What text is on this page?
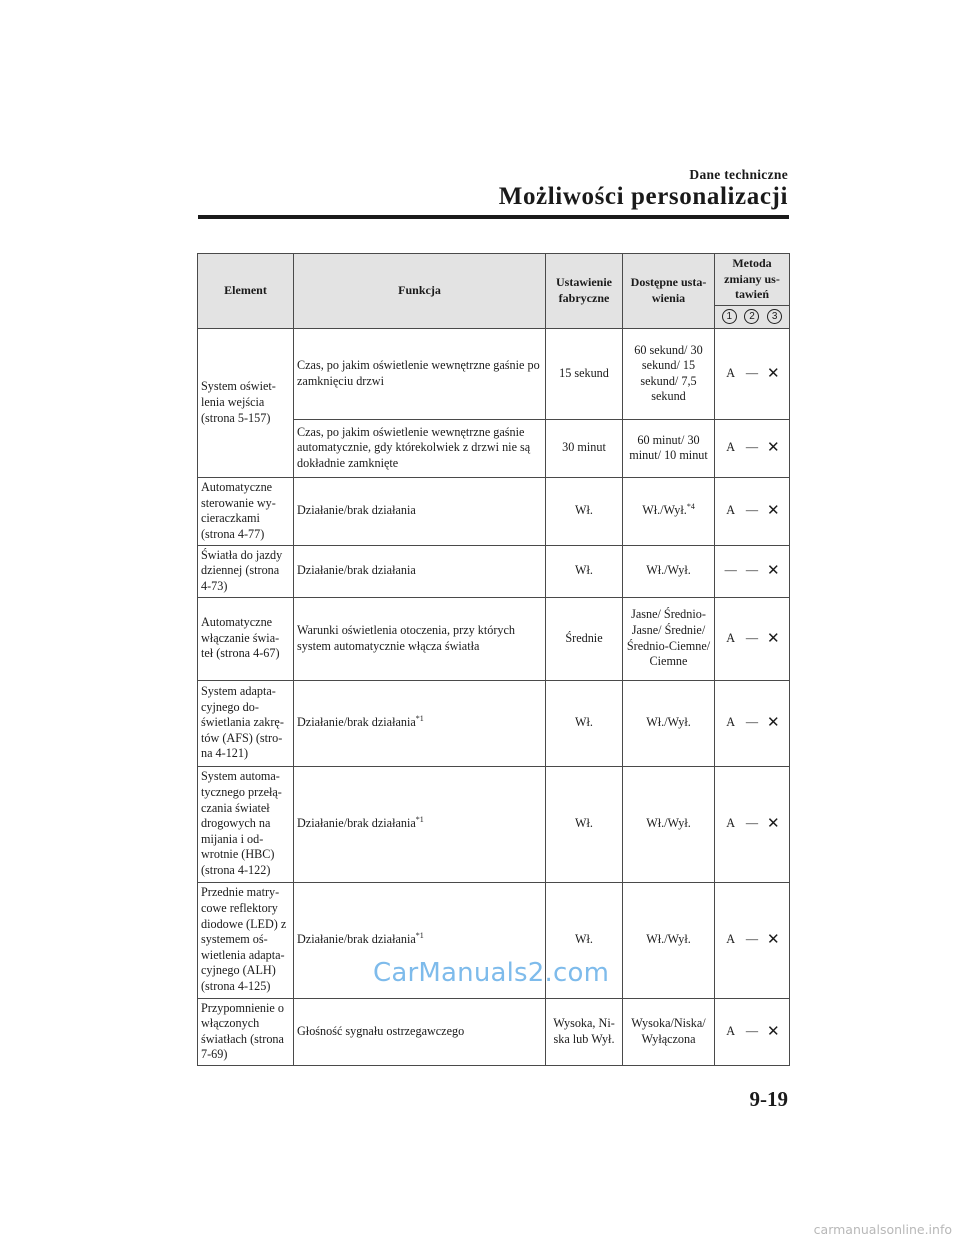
Dane techniczne
Możliwości personalizacji
Element	Funkcja	Ustawienie fabryczne	Dostępne usta-wienia	Metoda zmiany us-tawień

				1 2 3

System oświet-lenia wejścia (strona 5-157)	Czas, po jakim oświetlenie wewnętrzne gaśnie po zamknięciu drzwi	15 sekund	60 sekund/ 30 sekund/ 15 sekund/ 7,5 sekund	A — ✕

	Czas, po jakim oświetlenie wewnętrzne gaśnie automatycznie, gdy którekolwiek z drzwi nie są dokładnie zamknięte	30 minut	60 minut/ 30 minut/ 10 minut	A — ✕

Automatyczne sterowanie wy-cieraczkami (strona 4-77)	Działanie/brak działania	Wł.	Wł./Wył.$^{*4}$	A — ✕

Światła do jazdy dziennej (strona 4-73)	Działanie/brak działania	Wł.	Wł./Wył.	— — ✕

Automatyczne włączanie świa-teł (strona 4-67)	Warunki oświetlenia otoczenia, przy których system automatycznie włącza światła	Średnie	Jasne/ Średnio-Jasne/ Średnie/ Średnio-Ciemne/ Ciemne	A — ✕

System adapta-cyjnego do-świetlania zakrę-tów (AFS) (stro-na 4-121)	Działanie/brak działania$^{*1}$	Wł.	Wł./Wył.	A — ✕

System automa-tycznego przełą-czania świateł drogowych na mijania i od-wrotnie (HBC) (strona 4-122)	Działanie/brak działania$^{*1}$	Wł.	Wł./Wył.	A — ✕

Przednie matry-cowe reflektory diodowe (LED) z systemem oś-wietlenia adapta-cyjnego (ALH) (strona 4-125)	Działanie/brak działania$^{*1}$	Wł.	Wł./Wył.	A — ✕

Przypomnienie o włączonych światłach (strona 7-69)	Głośność sygnału ostrzegawczego	Wysoka, Ni-ska lub Wył.	Wysoka/Niska/ Wyłączona	A — ✕
CarManuals2.com
9-19
carmanualsonline.info
